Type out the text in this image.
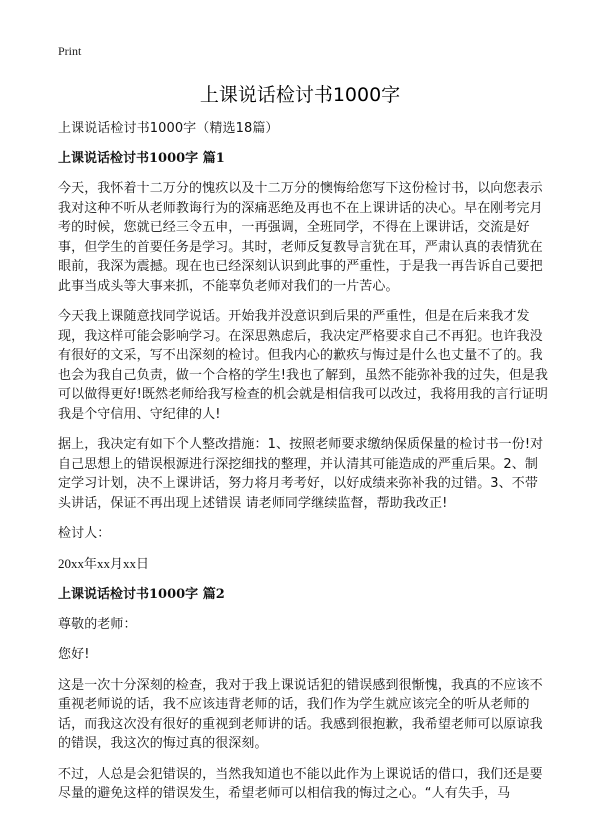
Print
上课说话检讨书1000字

上课说话检讨书1000字（精选18篇）

上课说话检讨书1000字 篇1

今天，我怀着十二万分的愧疚以及十二万分的懊悔给您写下这份检讨书，以向您表示我对这种不听从老师教诲行为的深痛恶绝及再也不在上课讲话的决心。早在刚考完月考的时候，您就已经三令五申，一再强调，全班同学，不得在上课讲话，交流是好事，但学生的首要任务是学习。其时，老师反复教导言犹在耳，严肃认真的表情犹在眼前，我深为震撼。现在也已经深刻认识到此事的严重性，于是我一再告诉自己要把此事当成头等大事来抓，不能辜负老师对我们的一片苦心。

今天我上课随意找同学说话。开始我并没意识到后果的严重性，但是在后来我才发现，我这样可能会影响学习。在深思熟虑后，我决定严格要求自己不再犯。也许我没有很好的文采，写不出深刻的检讨。但我内心的歉疚与悔过是什么也丈量不了的。我也会为我自己负责，做一个合格的学生!我也了解到，虽然不能弥补我的过失，但是我可以做得更好!既然老师给我写检查的机会就是相信我可以改过，我将用我的言行证明我是个守信用、守纪律的人!

据上，我决定有如下个人整改措施：1、按照老师要求缴纳保质保量的检讨书一份!对自己思想上的错误根源进行深挖细找的整理，并认清其可能造成的严重后果。2、制定学习计划，决不上课讲话，努力将月考考好，以好成绩来弥补我的过错。3、不带头讲话，保证不再出现上述错误 请老师同学继续监督，帮助我改正!

检讨人：

20xx年xx月xx日

上课说话检讨书1000字 篇2

尊敬的老师：

您好!

这是一次十分深刻的检查，我对于我上课说话犯的错误感到很惭愧，我真的不应该不重视老师说的话，我不应该违背老师的话，我们作为学生就应该完全的听从老师的话，而我这次没有很好的重视到老师讲的话。我感到很抱歉，我希望老师可以原谅我的错误，我这次的悔过真的很深刻。

不过，人总是会犯错误的，当然我知道也不能以此作为上课说话的借口，我们还是要尽量的避免这样的错误发生，希望老师可以相信我的悔过之心。“人有失手，马
